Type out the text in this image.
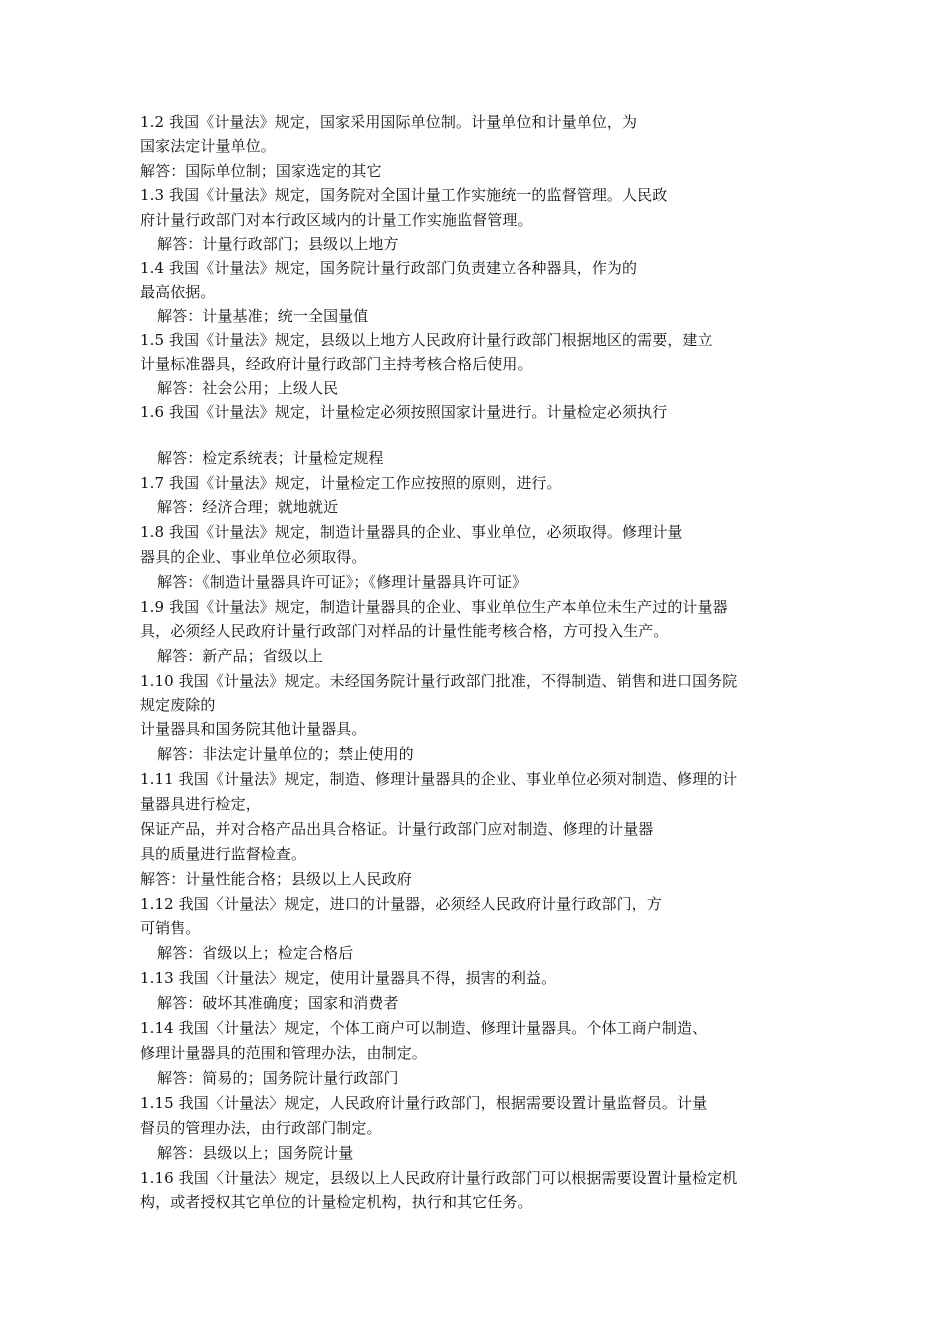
1.2 我国《计量法》规定，国家采用国际单位制。计量单位和计量单位，为
国家法定计量单位。
解答：国际单位制；国家选定的其它
1.3 我国《计量法》规定，国务院对全国计量工作实施统一的监督管理。人民政
府计量行政部门对本行政区域内的计量工作实施监督管理。
解答：计量行政部门；县级以上地方
1.4 我国《计量法》规定，国务院计量行政部门负责建立各种器具，作为的
最高依据。
解答：计量基准；统一全国量值
1.5 我国《计量法》规定，县级以上地方人民政府计量行政部门根据地区的需要，建立
计量标准器具，经政府计量行政部门主持考核合格后使用。
解答：社会公用；上级人民
1.6 我国《计量法》规定，计量检定必须按照国家计量进行。计量检定必须执行
解答：检定系统表；计量检定规程
1.7 我国《计量法》规定，计量检定工作应按照的原则，进行。
解答：经济合理；就地就近
1.8 我国《计量法》规定，制造计量器具的企业、事业单位，必须取得。修理计量
器具的企业、事业单位必须取得。
解答：《制造计量器具许可证》；《修理计量器具许可证》
1.9 我国《计量法》规定，制造计量器具的企业、事业单位生产本单位未生产过的计量器
具，必须经人民政府计量行政部门对样品的计量性能考核合格，方可投入生产。
解答：新产品；省级以上
1.10 我国《计量法》规定。未经国务院计量行政部门批准，不得制造、销售和进口国务院
规定废除的
计量器具和国务院其他计量器具。
解答：非法定计量单位的；禁止使用的
1.11 我国《计量法》规定，制造、修理计量器具的企业、事业单位必须对制造、修理的计
量器具进行检定，
保证产品，并对合格产品出具合格证。计量行政部门应对制造、修理的计量器
具的质量进行监督检查。
解答：计量性能合格；县级以上人民政府
1.12 我国〈计量法〉规定，进口的计量器，必须经人民政府计量行政部门，方
可销售。
解答：省级以上；检定合格后
1.13 我国〈计量法〉规定，使用计量器具不得，损害的利益。
解答：破坏其准确度；国家和消费者
1.14 我国〈计量法〉规定，个体工商户可以制造、修理计量器具。个体工商户制造、
修理计量器具的范围和管理办法，由制定。
解答：简易的；国务院计量行政部门
1.15 我国〈计量法〉规定，人民政府计量行政部门，根据需要设置计量监督员。计量
督员的管理办法，由行政部门制定。
解答：县级以上；国务院计量
1.16 我国〈计量法〉规定，县级以上人民政府计量行政部门可以根据需要设置计量检定机
构，或者授权其它单位的计量检定机构，执行和其它任务。
